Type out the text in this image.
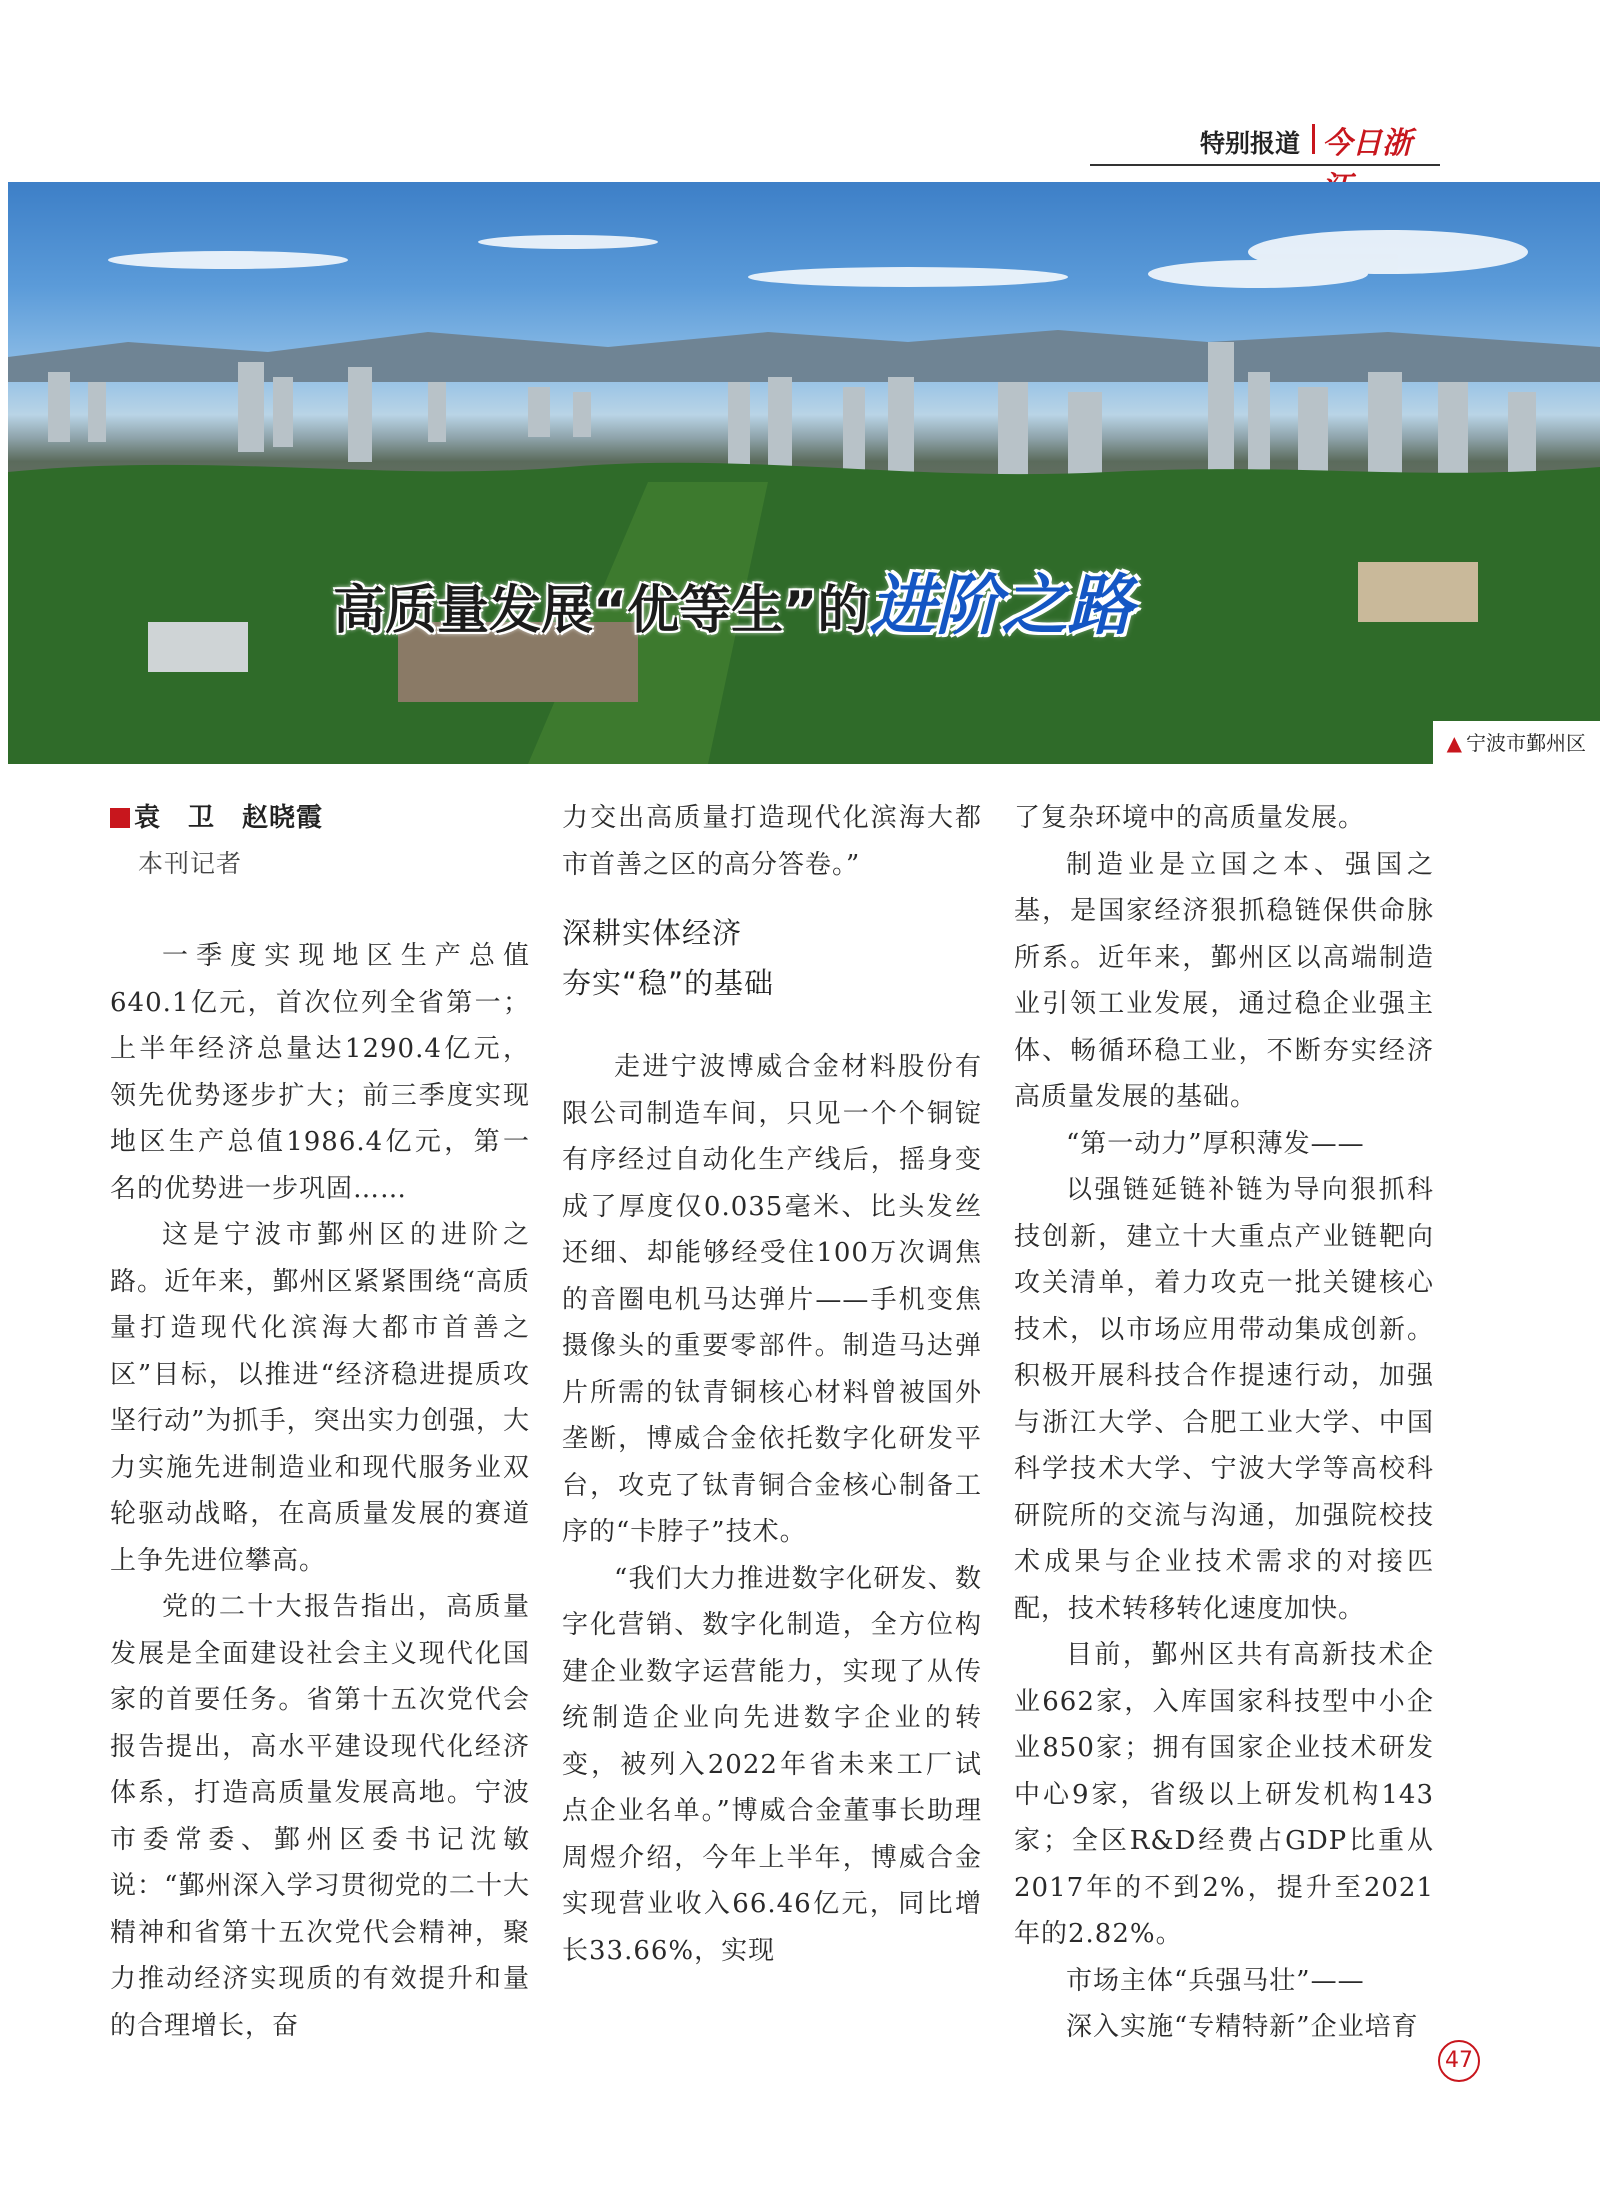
特别报道 今日浙
高质量发展“优等生”的进阶之路
▲ 宁波市鄞州区
袁　卫　赵晓霞
本刊记者

一季度实现地区生产总值640.1亿元，首次位列全省第一；上半年经济总量达1290.4亿元，领先优势逐步扩大；前三季度实现地区生产总值1986.4亿元，第一名的优势进一步巩固……

这是宁波市鄞州区的进阶之路。近年来，鄞州区紧紧围绕“高质量打造现代化滨海大都市首善之区”目标，以推进“经济稳进提质攻坚行动”为抓手，突出实力创强，大力实施先进制造业和现代服务业双轮驱动战略，在高质量发展的赛道上争先进位攀高。

党的二十大报告指出，高质量发展是全面建设社会主义现代化国家的首要任务。省第十五次党代会报告提出，高水平建设现代化经济体系，打造高质量发展高地。宁波市委常委、鄞州区委书记沈敏说：“鄞州深入学习贯彻党的二十大精神和省第十五次党代会精神，聚力推动经济实现质的有效提升和量的合理增长，奋

力交出高质量打造现代化滨海大都市首善之区的高分答卷。”

深耕实体经济
夯实“稳”的基础

走进宁波博威合金材料股份有限公司制造车间，只见一个个铜锭有序经过自动化生产线后，摇身变成了厚度仅0.035毫米、比头发丝还细、却能够经受住100万次调焦的音圈电机马达弹片——手机变焦摄像头的重要零部件。制造马达弹片所需的钛青铜核心材料曾被国外垄断，博威合金依托数字化研发平台，攻克了钛青铜合金核心制备工序的“卡脖子”技术。

“我们大力推进数字化研发、数字化营销、数字化制造，全方位构建企业数字运营能力，实现了从传统制造企业向先进数字企业的转变，被列入2022年省未来工厂试点企业名单。”博威合金董事长助理周煜介绍，今年上半年，博威合金实现营业收入66.46亿元，同比增长33.66%，实现

了复杂环境中的高质量发展。

制造业是立国之本、强国之基，是国家经济狠抓稳链保供命脉所系。近年来，鄞州区以高端制造业引领工业发展，通过稳企业强主体、畅循环稳工业，不断夯实经济高质量发展的基础。

“第一动力”厚积薄发——

以强链延链补链为导向狠抓科技创新，建立十大重点产业链靶向攻关清单，着力攻克一批关键核心技术，以市场应用带动集成创新。积极开展科技合作提速行动，加强与浙江大学、合肥工业大学、中国科学技术大学、宁波大学等高校科研院所的交流与沟通，加强院校技术成果与企业技术需求的对接匹配，技术转移转化速度加快。

目前，鄞州区共有高新技术企业662家，入库国家科技型中小企业850家；拥有国家企业技术研发中心9家，省级以上研发机构143家；全区R&D经费占GDP比重从2017年的不到2%，提升至2021年的2.82%。

市场主体“兵强马壮”——

深入实施“专精特新”企业培育

47
